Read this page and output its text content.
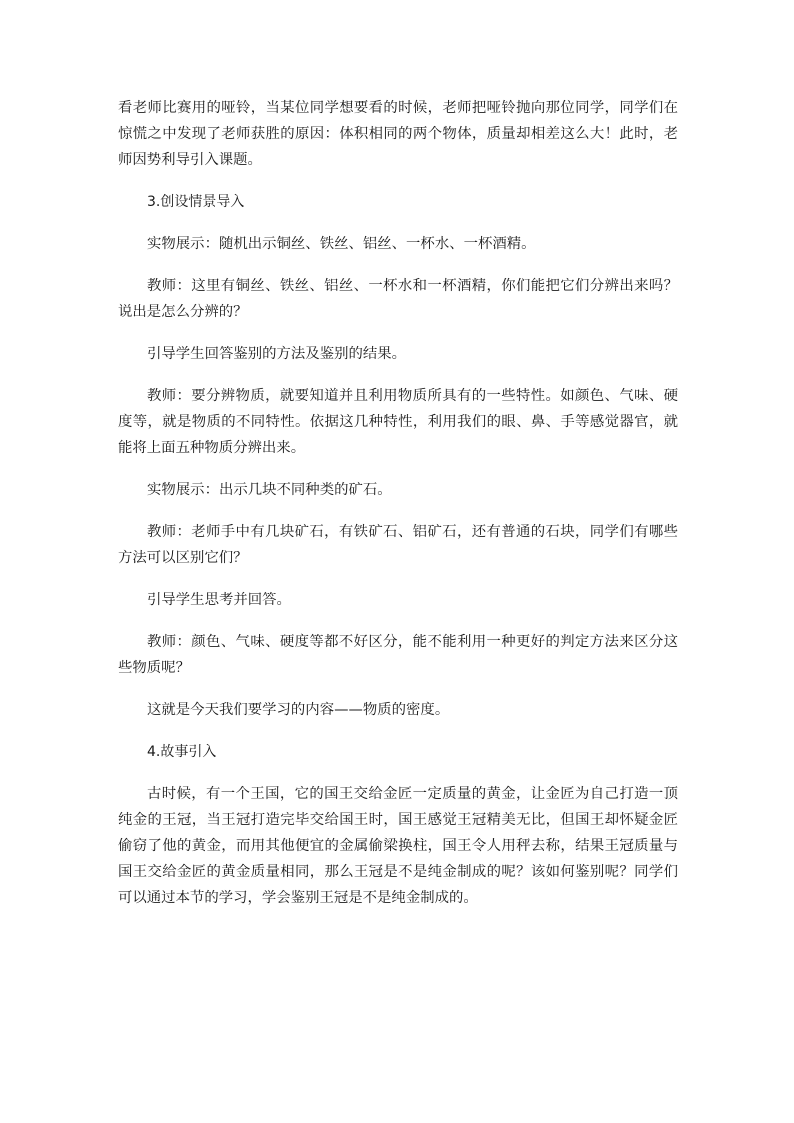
看老师比赛用的哑铃，当某位同学想要看的时候，老师把哑铃抛向那位同学，同学们在惊慌之中发现了老师获胜的原因：体积相同的两个物体，质量却相差这么大！此时，老师因势利导引入课题。

3.创设情景导入

实物展示：随机出示铜丝、铁丝、铝丝、一杯水、一杯酒精。

教师：这里有铜丝、铁丝、铝丝、一杯水和一杯酒精，你们能把它们分辨出来吗？说出是怎么分辨的？

引导学生回答鉴别的方法及鉴别的结果。

教师：要分辨物质，就要知道并且利用物质所具有的一些特性。如颜色、气味、硬度等，就是物质的不同特性。依据这几种特性，利用我们的眼、鼻、手等感觉器官，就能将上面五种物质分辨出来。

实物展示：出示几块不同种类的矿石。

教师：老师手中有几块矿石，有铁矿石、铝矿石，还有普通的石块，同学们有哪些方法可以区别它们？

引导学生思考并回答。

教师：颜色、气味、硬度等都不好区分，能不能利用一种更好的判定方法来区分这些物质呢？

这就是今天我们要学习的内容——物质的密度。

4.故事引入

古时候，有一个王国，它的国王交给金匠一定质量的黄金，让金匠为自己打造一顶纯金的王冠，当王冠打造完毕交给国王时，国王感觉王冠精美无比，但国王却怀疑金匠偷窃了他的黄金，而用其他便宜的金属偷梁换柱，国王令人用秤去称，结果王冠质量与国王交给金匠的黄金质量相同，那么王冠是不是纯金制成的呢？该如何鉴别呢？同学们可以通过本节的学习，学会鉴别王冠是不是纯金制成的。
